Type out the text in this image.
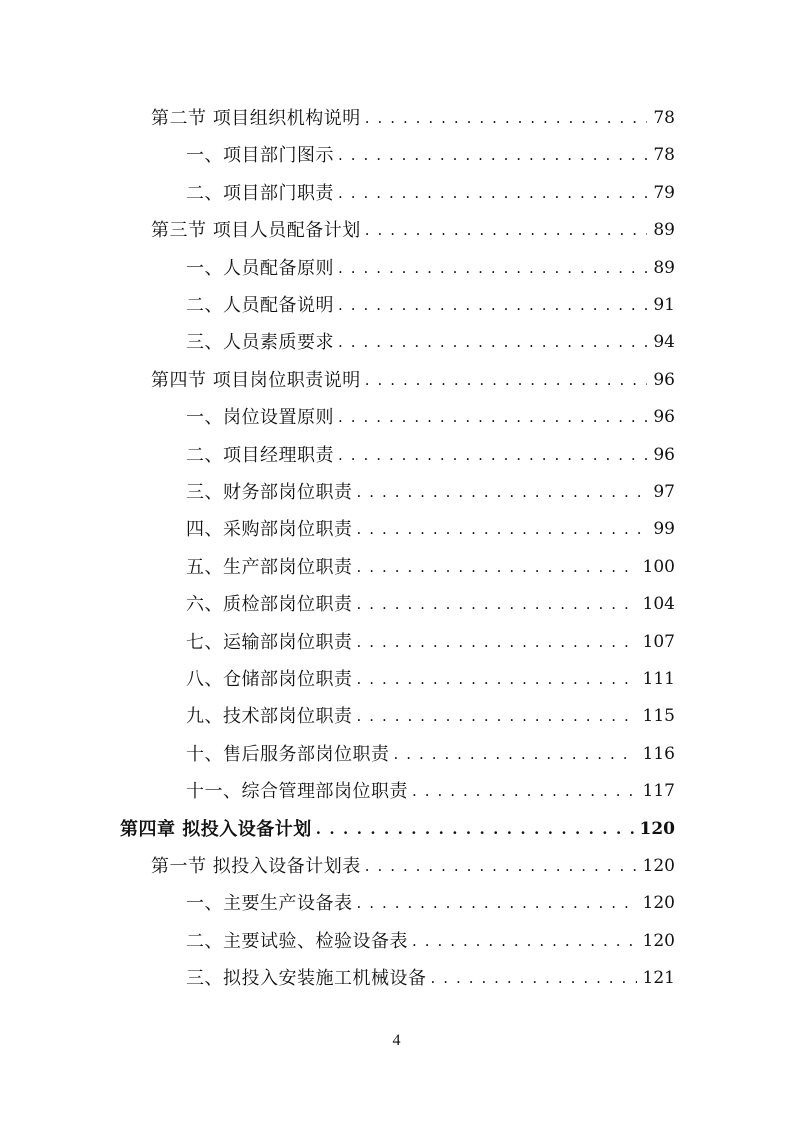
第二节 项目组织机构说明 . . .	78
一、项目部门图示 . . .	78
二、项目部门职责 . . .	79
第三节 项目人员配备计划 . . .	89
一、人员配备原则 . . .	89
二、人员配备说明 . . .	91
三、人员素质要求 . . .	94
第四节 项目岗位职责说明 . . .	96
一、岗位设置原则 . . .	96
二、项目经理职责 . . .	96
三、财务部岗位职责 . . .	97
四、采购部岗位职责 . . .	99
五、生产部岗位职责 . . .	100
六、质检部岗位职责 . . .	104
七、运输部岗位职责 . . .	107
八、仓储部岗位职责 . . .	111
九、技术部岗位职责 . . .	115
十、售后服务部岗位职责 . . .	116
十一、综合管理部岗位职责 . . .	117
第四章 拟投入设备计划 . . .	120
第一节 拟投入设备计划表 . . .	120
一、主要生产设备表 . . .	120
二、主要试验、检验设备表 . . .	120
三、拟投入安装施工机械设备 . . .	121
4
